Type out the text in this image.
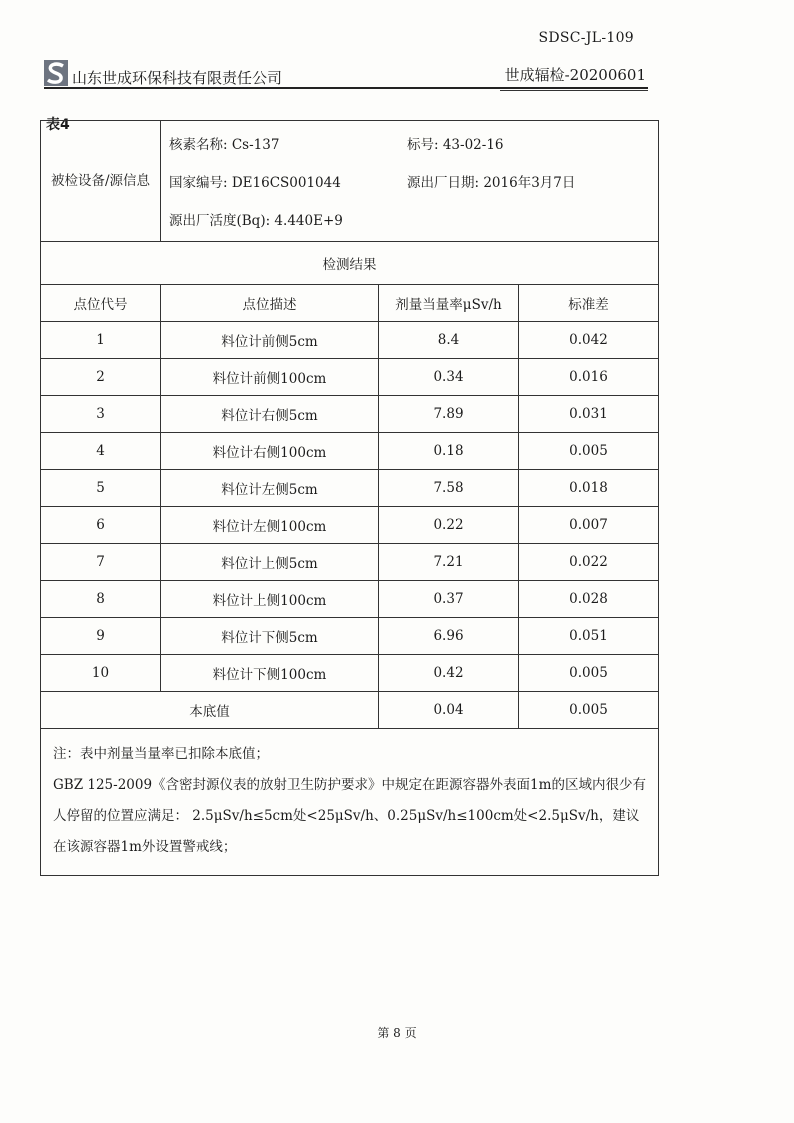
SDSC-JL-109
山东世成环保科技有限责任公司	世成辐检-20200601
表4
被检设备/源信息	核素名称: Cs-137 标号: 43-02-16
国家编号: DE16CS001044 源出厂日期: 2016年3月7日
源出厂活度(Bq): 4.440E+9		

检测结果			
点位代号	点位描述	剂量当量率μSv/h	标准差
1	料位计前侧5cm	8.4	0.042
2	料位计前侧100cm	0.34	0.016
3	料位计右侧5cm	7.89	0.031
4	料位计右侧100cm	0.18	0.005
5	料位计左侧5cm	7.58	0.018
6	料位计左侧100cm	0.22	0.007
7	料位计上侧5cm	7.21	0.022
8	料位计上侧100cm	0.37	0.028
9	料位计下侧5cm	6.96	0.051
10	料位计下侧100cm	0.42	0.005
本底值		0.04	0.005

注：表中剂量当量率已扣除本底值；
GBZ 125-2009《含密封源仪表的放射卫生防护要求》中规定在距源容器外表面1m的区域内很少有人停留的位置应满足： 2.5μSv/h≤5cm处<25μSv/h、0.25μSv/h≤100cm处<2.5μSv/h，建议在该源容器1m外设置警戒线；			
第 8 页
